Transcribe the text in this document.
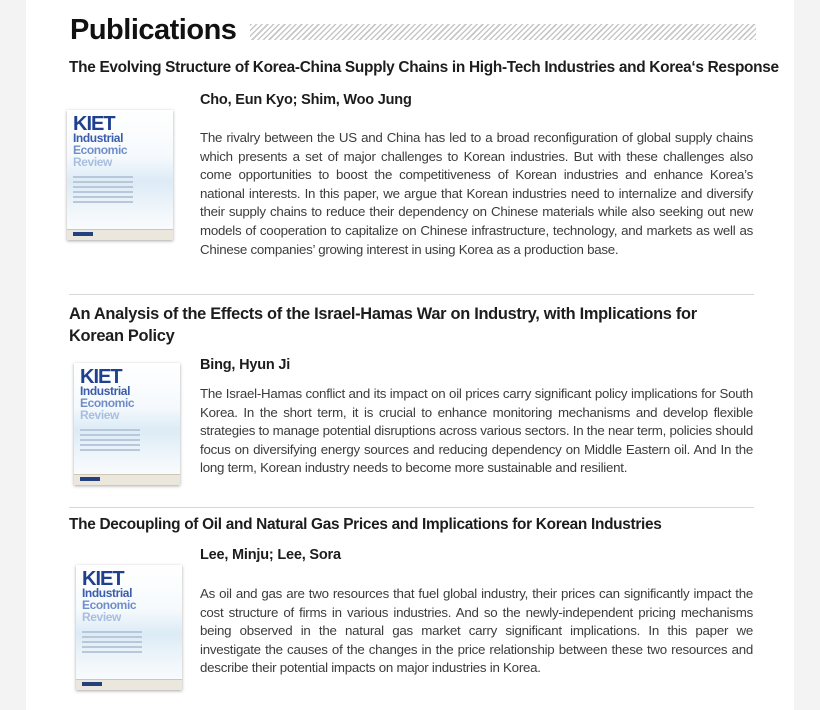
Publications
The Evolving Structure of Korea-China Supply Chains in High-Tech Industries and Korea‘s Response
Cho, Eun Kyo; Shim, Woo Jung
KIET
Industrial
Economic
Review

The rivalry between the US and China has led to a broad reconfiguration of global supply chains which presents a set of major challenges to Korean industries. But with these challenges also come opportunities to boost the competitiveness of Korean industries and enhance Korea’s national interests. In this paper, we argue that Korean industries need to internalize and diversify their supply chains to reduce their dependency on Chinese materials while also seeking out new models of cooperation to capitalize on Chinese infrastructure, technology, and markets as well as Chinese companies’ growing interest in using Korea as a production base.

An Analysis of the Effects of the Israel-Hamas War on Industry, with Implications for Korean Policy
Bing, Hyun Ji
KIET
Industrial
Economic
Review

The Israel-Hamas conflict and its impact on oil prices carry significant policy implications for South Korea. In the short term, it is crucial to enhance monitoring mechanisms and develop flexible strategies to manage potential disruptions across various sectors. In the near term, policies should focus on diversifying energy sources and reducing dependency on Middle Eastern oil. And In the long term, Korean industry needs to become more sustainable and resilient.

The Decoupling of Oil and Natural Gas Prices and Implications for Korean Industries
Lee, Minju; Lee, Sora
KIET
Industrial
Economic
Review

As oil and gas are two resources that fuel global industry, their prices can significantly impact the cost structure of firms in various industries. And so the newly-independent pricing mechanisms being observed in the natural gas market carry significant implications. In this paper we investigate the causes of the changes in the price relationship between these two resources and describe their potential impacts on major industries in Korea.
